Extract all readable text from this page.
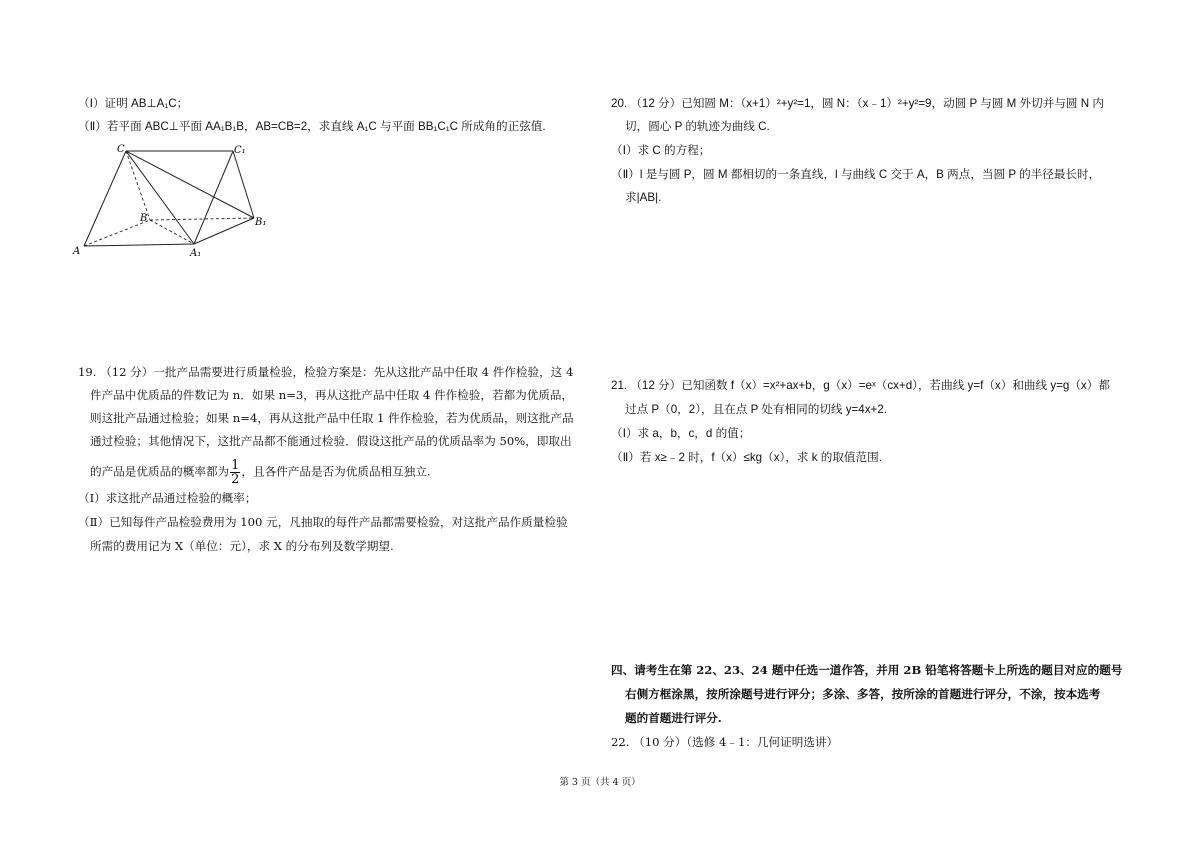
（Ⅰ）证明 AB⊥A₁C；
（Ⅱ）若平面 ABC⊥平面 AA₁B₁B，AB=CB=2，求直线 A₁C 与平面 BB₁C₁C 所成角的正弦值.
C	C₁
B	B₁
A	A₁
19. （12 分）一批产品需要进行质量检验，检验方案是：先从这批产品中任取 4 件作检验，这 4
件产品中优质品的件数记为 n．如果 n=3，再从这批产品中任取 4 件作检验，若都为优质品，
则这批产品通过检验；如果 n=4，再从这批产品中任取 1 件作检验，若为优质品，则这批产品
通过检验；其他情况下，这批产品都不能通过检验．假设这批产品的优质品率为 50%，即取出
的产品是优质品的概率都为 $\frac{1}{2}$ ，且各件产品是否为优质品相互独立.
（Ⅰ）求这批产品通过检验的概率；
（Ⅱ）已知每件产品检验费用为 100 元，凡抽取的每件产品都需要检验，对这批产品作质量检验
所需的费用记为 X（单位：元），求 X 的分布列及数学期望.
20. （12 分）已知圆 M：（x+1）²+y²=1，圆 N：（x﹣1）²+y²=9，动圆 P 与圆 M 外切并与圆 N 内
切，圆心 P 的轨迹为曲线 C.
（Ⅰ）求 C 的方程；
（Ⅱ）l 是与圆 P，圆 M 都相切的一条直线，l 与曲线 C 交于 A，B 两点，当圆 P 的半径最长时，
求|AB|.
21. （12 分）已知函数 f（x）=x²+ax+b，g（x）=eˣ（cx+d），若曲线 y=f（x）和曲线 y=g（x）都
过点 P（0，2），且在点 P 处有相同的切线 y=4x+2.
（Ⅰ）求 a，b，c，d 的值；
（Ⅱ）若 x≥﹣2 时，f（x）≤kg（x），求 k 的取值范围.
四、请考生在第 22、23、24 题中任选一道作答，并用 2B 铅笔将答题卡上所选的题目对应的题号
右侧方框涂黑，按所涂题号进行评分；多涂、多答，按所涂的首题进行评分，不涂，按本选考
题的首题进行评分.
22. （10 分）（选修 4﹣1：几何证明选讲）
第 3 页（共 4 页）
